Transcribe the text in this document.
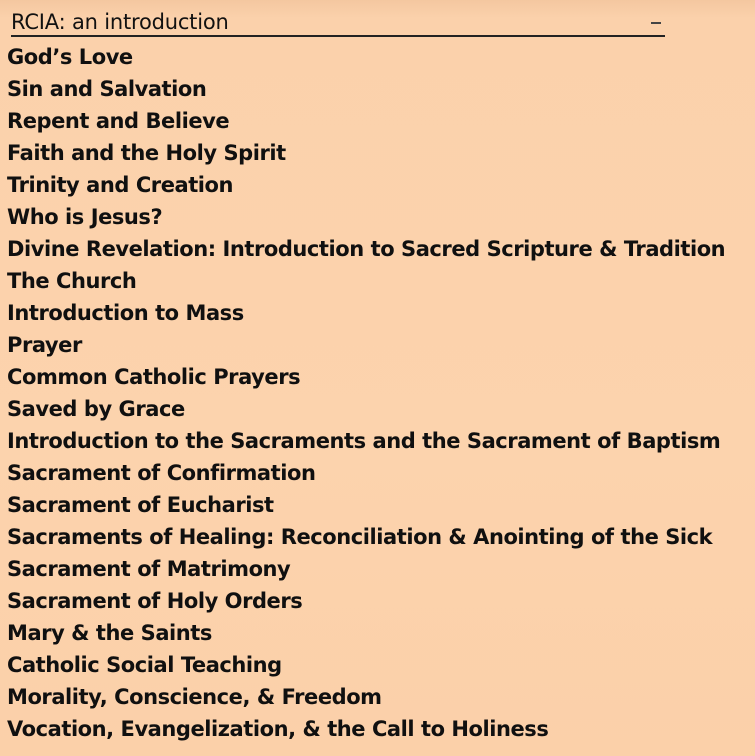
RCIA: an introduction
God’s Love
Sin and Salvation
Repent and Believe
Faith and the Holy Spirit
Trinity and Creation
Who is Jesus?
Divine Revelation: Introduction to Sacred Scripture & Tradition
The Church
Introduction to Mass
Prayer
Common Catholic Prayers
Saved by Grace
Introduction to the Sacraments and the Sacrament of Baptism
Sacrament of Confirmation
Sacrament of Eucharist
Sacraments of Healing: Reconciliation & Anointing of the Sick
Sacrament of Matrimony
Sacrament of Holy Orders
Mary & the Saints
Catholic Social Teaching
Morality, Conscience, & Freedom
Vocation, Evangelization, & the Call to Holiness
